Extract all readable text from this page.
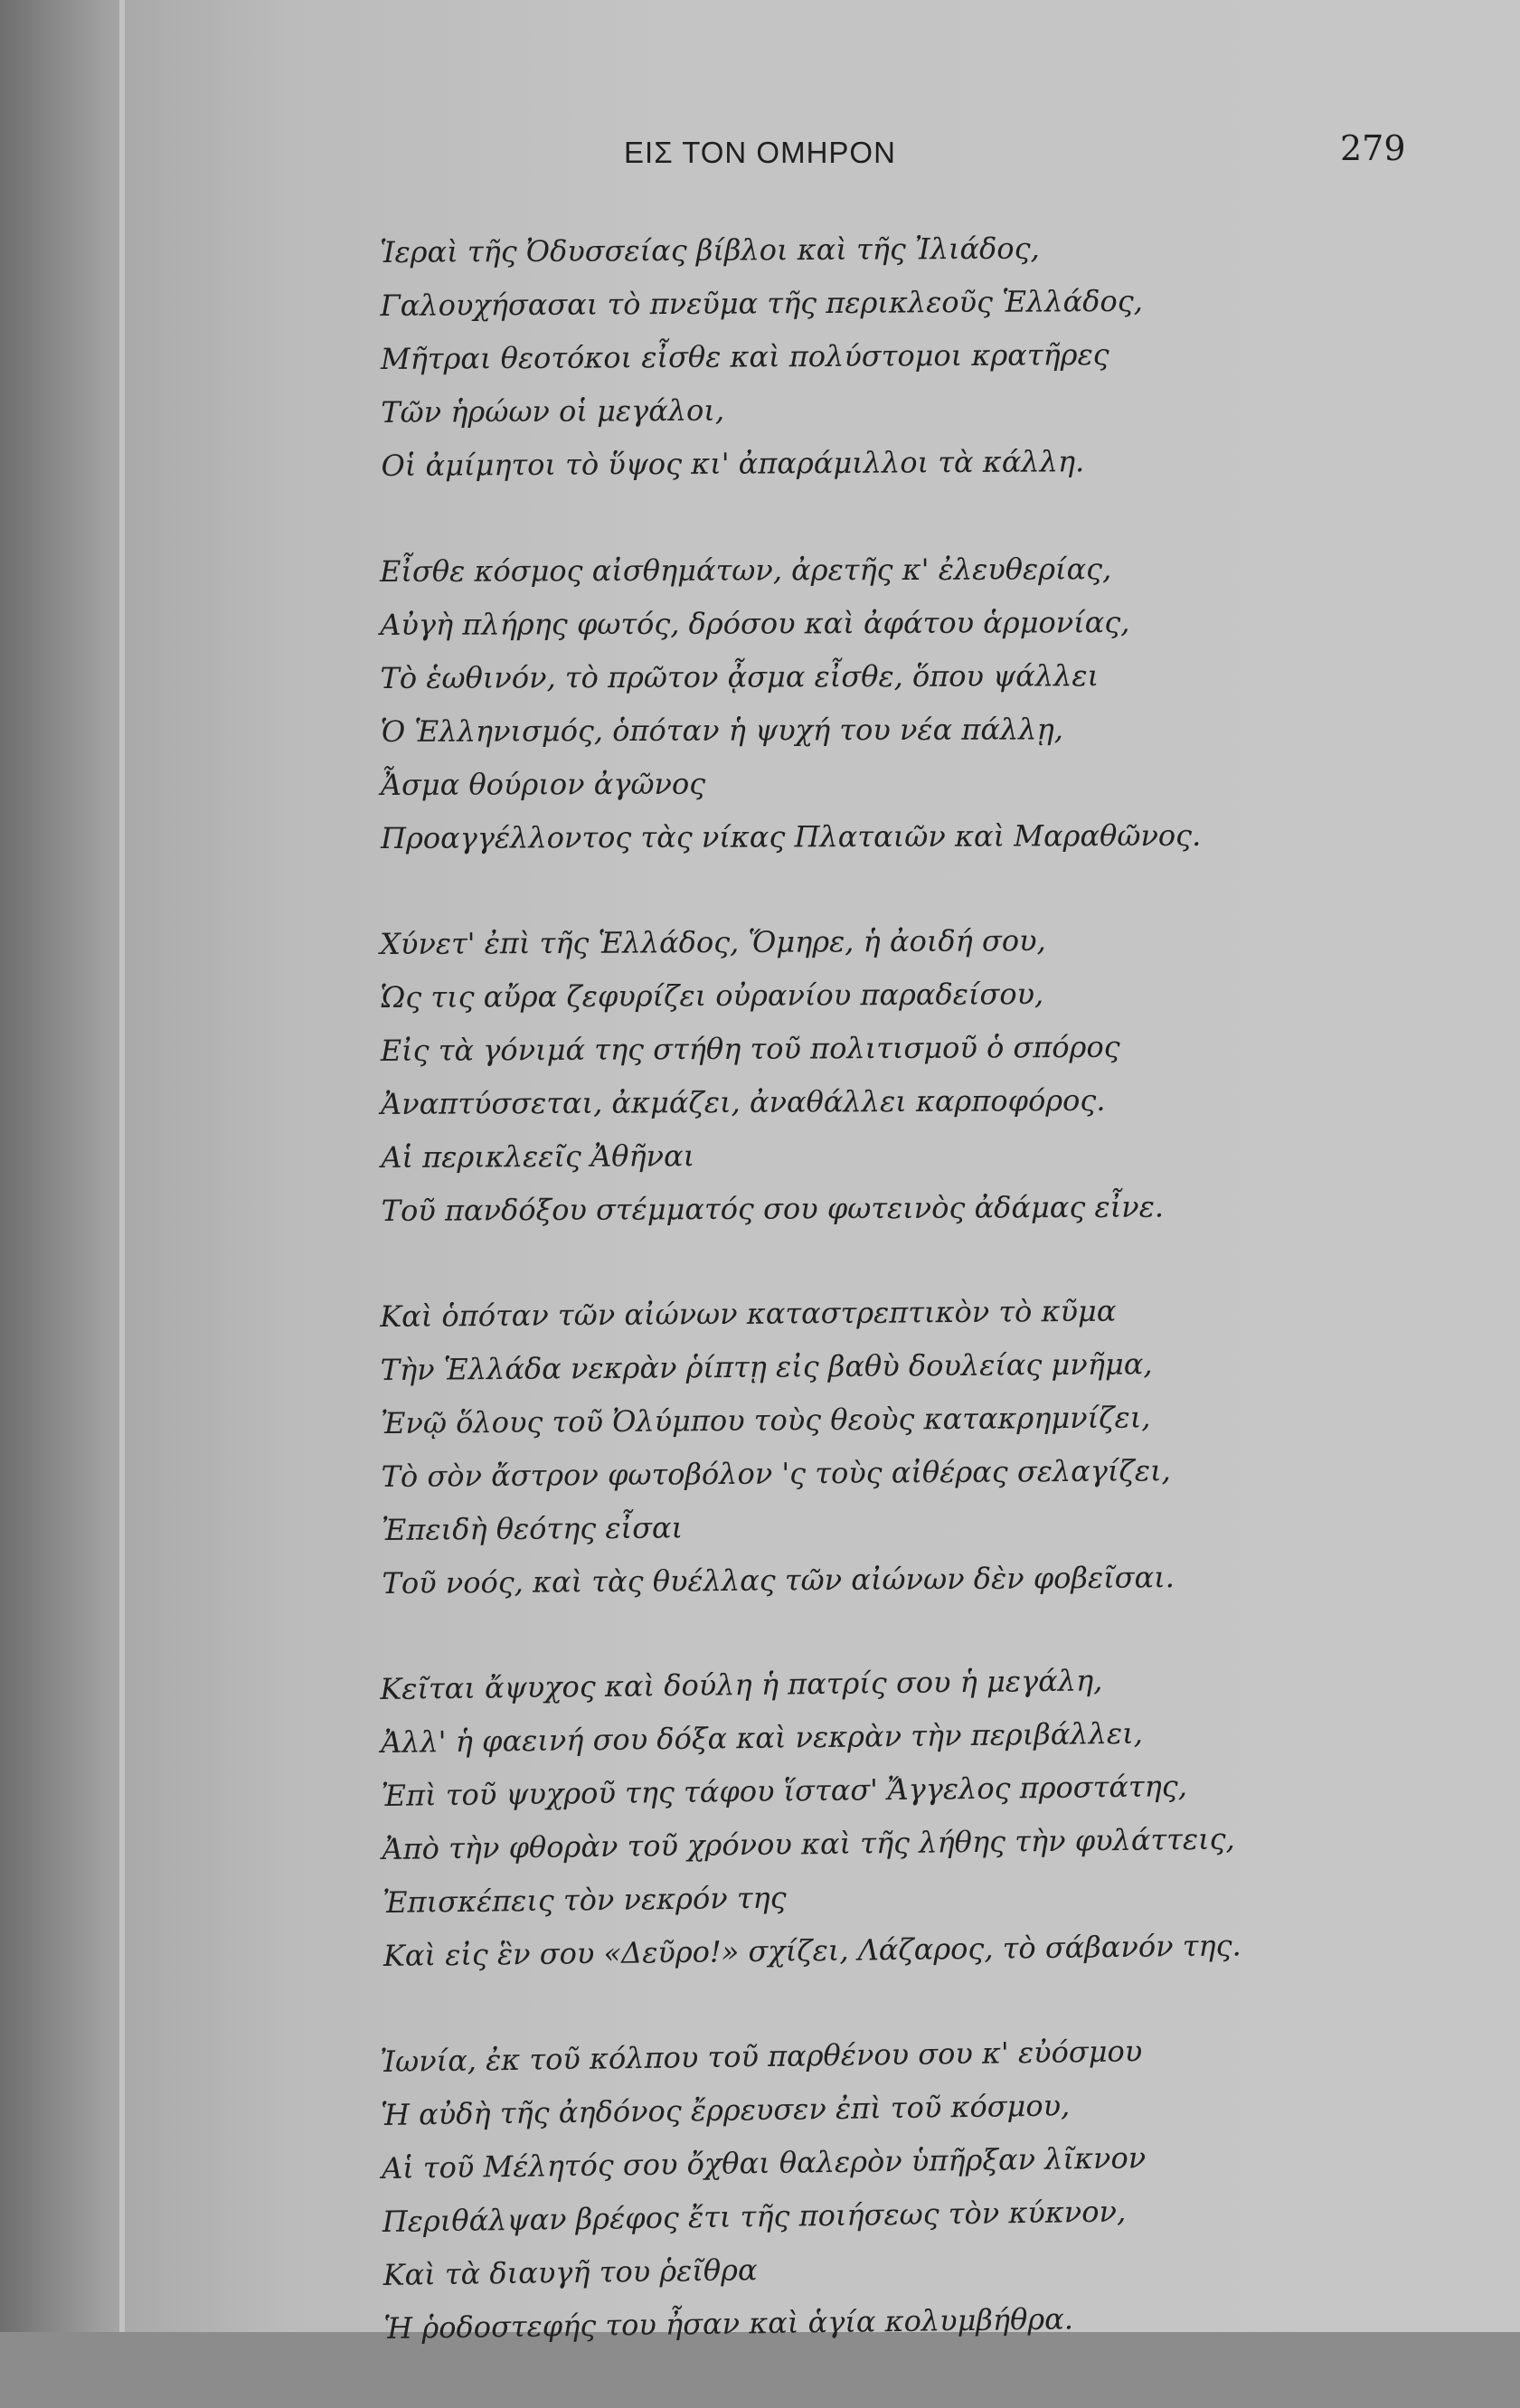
ΕΙΣ ΤΟΝ ΟΜΗΡΟΝ	279
Ἱεραὶ τῆς Ὀδυσσείας βίβλοι καὶ τῆς Ἰλιάδος,
Γαλουχήσασαι τὸ πνεῦμα τῆς περικλεοῦς Ἑλλάδος,
Μῆτραι θεοτόκοι εἶσθε καὶ πολύστομοι κρατῆρες
Τῶν ἡρώων οἱ μεγάλοι,
Οἱ ἀμίμητοι τὸ ὕψος κι' ἀπαράμιλλοι τὰ κάλλη.
Εἶσθε κόσμος αἰσθημάτων, ἀρετῆς κ' ἐλευθερίας,
Αὐγὴ πλήρης φωτός, δρόσου καὶ ἀφάτου ἁρμονίας,
Τὸ ἑωθινόν, τὸ πρῶτον ᾆσμα εἶσθε, ὅπου ψάλλει
Ὁ Ἑλληνισμός, ὁπόταν ἡ ψυχή του νέα πάλλῃ,
Ἆσμα θούριον ἀγῶνος
Προαγγέλλοντος τὰς νίκας Πλαταιῶν καὶ Μαραθῶνος.
Χύνετ' ἐπὶ τῆς Ἑλλάδος, Ὅμηρε, ἡ ἀοιδή σου,
Ὡς τις αὔρα ζεφυρίζει οὐρανίου παραδείσου,
Εἰς τὰ γόνιμά της στήθη τοῦ πολιτισμοῦ ὁ σπόρος
Ἀναπτύσσεται, ἀκμάζει, ἀναθάλλει καρποφόρος.
Αἱ περικλεεῖς Ἀθῆναι
Τοῦ πανδόξου στέμματός σου φωτεινὸς ἀδάμας εἶνε.
Καὶ ὁπόταν τῶν αἰώνων καταστρεπτικὸν τὸ κῦμα
Τὴν Ἑλλάδα νεκρὰν ῥίπτῃ εἰς βαθὺ δουλείας μνῆμα,
Ἐνῷ ὅλους τοῦ Ὀλύμπου τοὺς θεοὺς κατακρημνίζει,
Τὸ σὸν ἄστρον φωτοβόλον 'ς τοὺς αἰθέρας σελαγίζει,
Ἐπειδὴ θεότης εἶσαι
Τοῦ νοός, καὶ τὰς θυέλλας τῶν αἰώνων δὲν φοβεῖσαι.
Κεῖται ἄψυχος καὶ δούλη ἡ πατρίς σου ἡ μεγάλη,
Ἀλλ' ἡ φαεινή σου δόξα καὶ νεκρὰν τὴν περιβάλλει,
Ἐπὶ τοῦ ψυχροῦ της τάφου ἵστασ' Ἄγγελος προστάτης,
Ἀπὸ τὴν φθορὰν τοῦ χρόνου καὶ τῆς λήθης τὴν φυλάττεις,
Ἐπισκέπεις τὸν νεκρόν της
Καὶ εἰς ἓν σου «Δεῦρο!» σχίζει, Λάζαρος, τὸ σάβανόν της.
Ἰωνία, ἐκ τοῦ κόλπου τοῦ παρθένου σου κ' εὐόσμου
Ἡ αὐδὴ τῆς ἀηδόνος ἔρρευσεν ἐπὶ τοῦ κόσμου,
Αἱ τοῦ Μέλητός σου ὄχθαι θαλερὸν ὑπῆρξαν λῖκνον
Περιθάλψαν βρέφος ἔτι τῆς ποιήσεως τὸν κύκνον,
Καὶ τὰ διαυγῆ του ῥεῖθρα
Ἡ ῥοδοστεφής του ἦσαν καὶ ἁγία κολυμβήθρα.
